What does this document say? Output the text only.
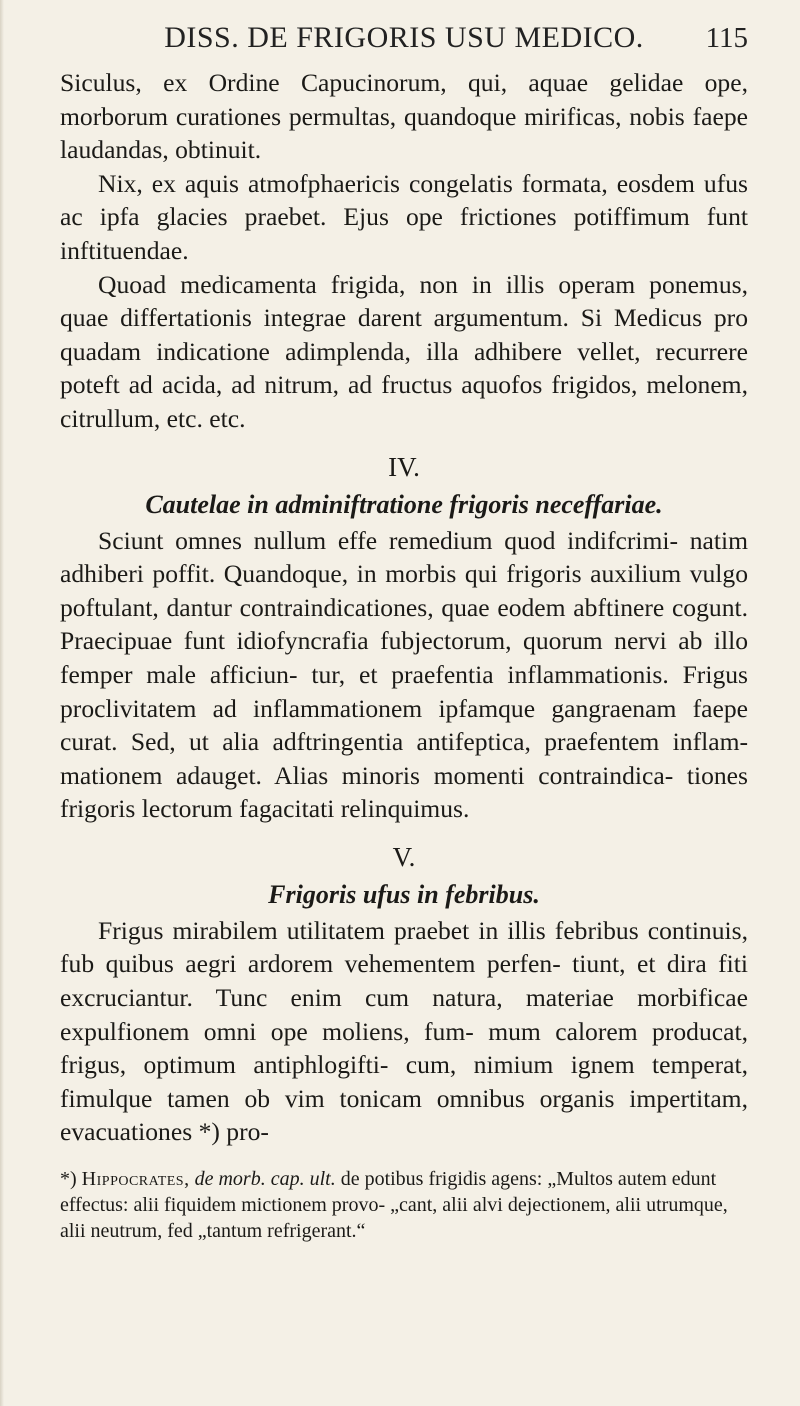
DISS. DE FRIGORIS USU MEDICO. 115

Siculus, ex Ordine Capucinorum, qui, aquae gelidae ope, morborum curationes permultas, quandoque mirificas, nobis faepe laudandas, obtinuit.

Nix, ex aquis atmofphaericis congelatis formata, eosdem ufus ac ipfa glacies praebet. Ejus ope frictiones potiffimum funt inftituendae.

Quoad medicamenta frigida, non in illis operam ponemus, quae differtationis integrae darent argumentum. Si Medicus pro quadam indicatione adimplenda, illa adhibere vellet, recurrere poteft ad acida, ad nitrum, ad fructus aquofos frigidos, melonem, citrullum, etc. etc.

IV.
Cautelae in adminiftratione frigoris neceffariae.

Sciunt omnes nullum effe remedium quod indifcrimi- natim adhiberi poffit. Quandoque, in morbis qui frigoris auxilium vulgo poftulant, dantur contraindicationes, quae eodem abftinere cogunt. Praecipuae funt idiofyncrafia fubjectorum, quorum nervi ab illo femper male afficiun- tur, et praefentia inflammationis. Frigus proclivitatem ad inflammationem ipfamque gangraenam faepe curat. Sed, ut alia adftringentia antifeptica, praefentem inflam- mationem adauget. Alias minoris momenti contraindica- tiones frigoris lectorum fagacitati relinquimus.

V.
Frigoris ufus in febribus.

Frigus mirabilem utilitatem praebet in illis febribus continuis, fub quibus aegri ardorem vehementem perfen- tiunt, et dira fiti excruciantur. Tunc enim cum natura, materiae morbificae expulfionem omni ope moliens, fum- mum calorem producat, frigus, optimum antiphlogifti- cum, nimium ignem temperat, fimulque tamen ob vim tonicam omnibus organis impertitam, evacuationes *) pro-

*) Hippocrates, de morb. cap. ult. de potibus frigidis agens: „Multos autem edunt effectus: alii fiquidem mictionem provo- „cant, alii alvi dejectionem, alii utrumque, alii neutrum, fed „tantum refrigerant.“
